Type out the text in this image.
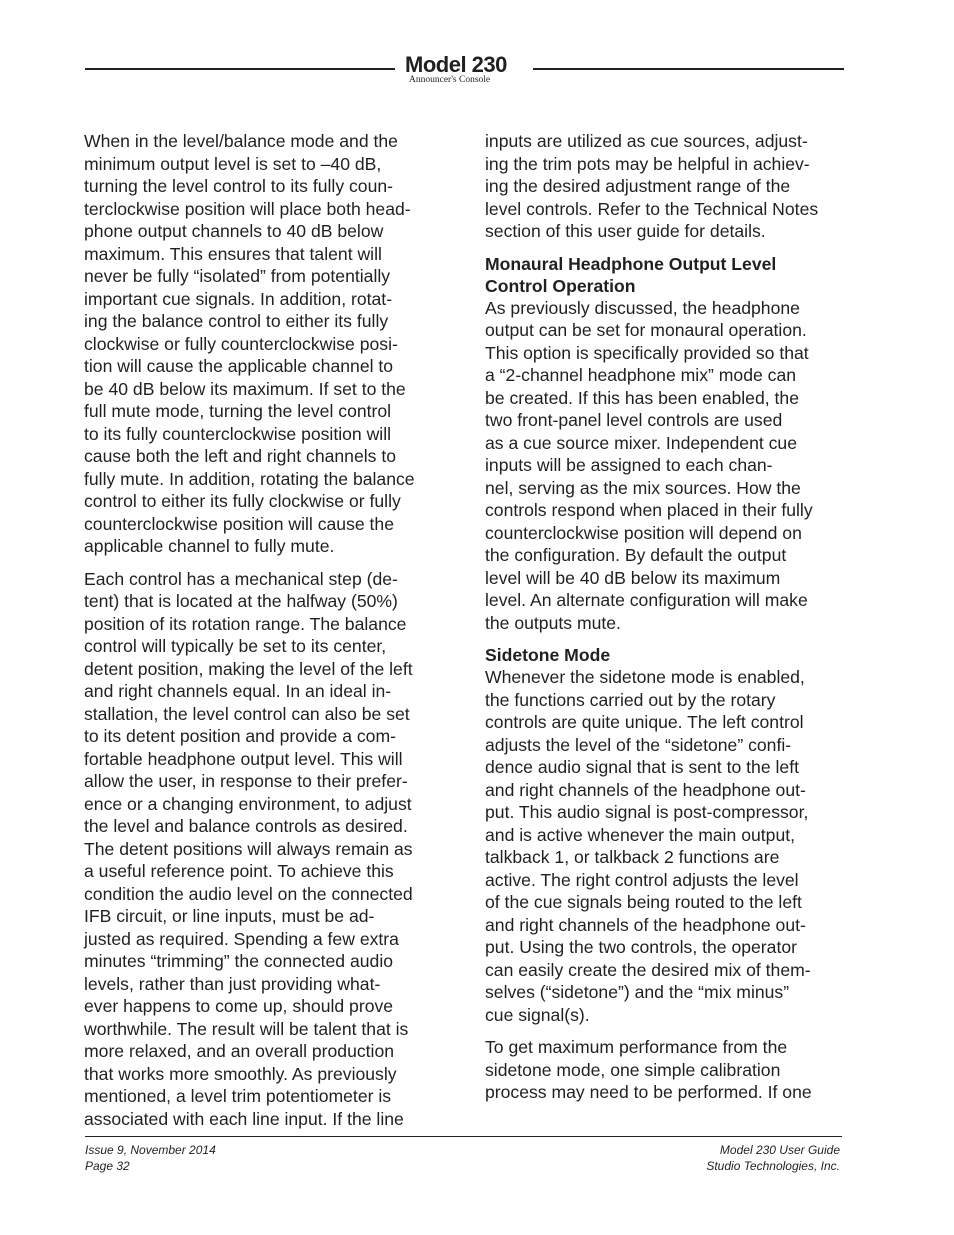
Model 230
Announcer's Console

When in the level/balance mode and the
minimum output level is set to –40 dB,
turning the level control to its fully coun-
terclockwise position will place both head-
phone output channels to 40 dB below
maximum. This ensures that talent will
never be fully “isolated” from potentially
important cue signals. In addition, rotat-
ing the balance control to either its fully
clockwise or fully counterclockwise posi-
tion will cause the applicable channel to
be 40 dB below its maximum. If set to the
full mute mode, turning the level control
to its fully counterclockwise position will
cause both the left and right channels to
fully mute. In addition, rotating the balance
control to either its fully clockwise or fully
counterclockwise position will cause the
applicable channel to fully mute.

Each control has a mechanical step (de-
tent) that is located at the halfway (50%)
position of its rotation range. The balance
control will typically be set to its center,
detent position, making the level of the left
and right channels equal. In an ideal in-
stallation, the level control can also be set
to its detent position and provide a com-
fortable headphone output level. This will
allow the user, in response to their prefer-
ence or a changing environment, to adjust
the level and balance controls as desired.
The detent positions will always remain as
a useful reference point. To achieve this
condition the audio level on the connected
IFB circuit, or line inputs, must be ad-
justed as required. Spending a few extra
minutes “trimming” the connected audio
levels, rather than just providing what-
ever happens to come up, should prove
worthwhile. The result will be talent that is
more relaxed, and an overall production
that works more smoothly. As previously
mentioned, a level trim potentiometer is
associated with each line input. If the line

inputs are utilized as cue sources, adjust-
ing the trim pots may be helpful in achiev-
ing the desired adjustment range of the
level controls. Refer to the Technical Notes
section of this user guide for details.

Monaural Headphone Output Level
Control Operation

As previously discussed, the headphone
output can be set for monaural operation.
This option is specifically provided so that
a “2-channel headphone mix” mode can
be created. If this has been enabled, the
two front-panel level controls are used
as a cue source mixer. Independent cue
inputs will be assigned to each chan-
nel, serving as the mix sources. How the
controls respond when placed in their fully
counterclockwise position will depend on
the configuration. By default the output
level will be 40 dB below its maximum
level. An alternate configuration will make
the outputs mute.

Sidetone Mode

Whenever the sidetone mode is enabled,
the functions carried out by the rotary
controls are quite unique. The left control
adjusts the level of the “sidetone” confi-
dence audio signal that is sent to the left
and right channels of the headphone out-
put. This audio signal is post-compressor,
and is active whenever the main output,
talkback 1, or talkback 2 functions are
active. The right control adjusts the level
of the cue signals being routed to the left
and right channels of the headphone out-
put. Using the two controls, the operator
can easily create the desired mix of them-
selves (“sidetone”) and the “mix minus”
cue signal(s).

To get maximum performance from the
sidetone mode, one simple calibration
process may need to be performed. If one

Issue 9, November 2014
Page 32
Model 230 User Guide
Studio Technologies, Inc.
